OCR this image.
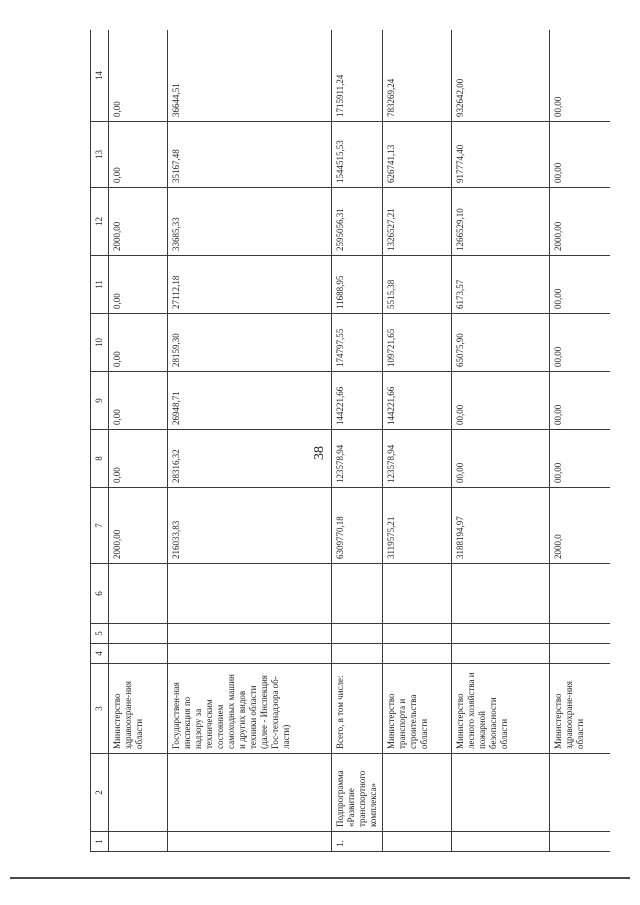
38
1	2	3	4	5	6	7	8	9	10	11	12	13	14
		Министерство здравоохране-ния области				2000,00	0,00	0,00	0,00	0,00	2000,00	0,00	0,00
		Государствен-ная инспекция по надзору за техническим состоянием самоходных машин и других видов техники области (далее - Инспекция Гос-технадзора об-ласти)				216033,83	28316,32	26948,71	28159,30	27112,18	33685,33	35167,48	36644,51
1.	Подпрограмма «Развитие транспортного комплекса»	Всего, в том числе:				6309770,18	123578,94	144221,66	174797,55	11688,95	2595056,31	1544515,53	1715911,24
		Министерство транспорта и строительства области				3119575,21	123578,94	144221,66	109721,65	5515,38	1326527,21	626741,13	783269,24
		Министерство лесного хозяйства и пожарной безопасности области				3188194,97	00,00	00,00	65075,90	6173,57	1266529,10	917774,40	932642,00
		Министерство здравоохране-ния области				2000,0	00,00	00,00	00,00	00,00	2000,00	00,00	00,00
